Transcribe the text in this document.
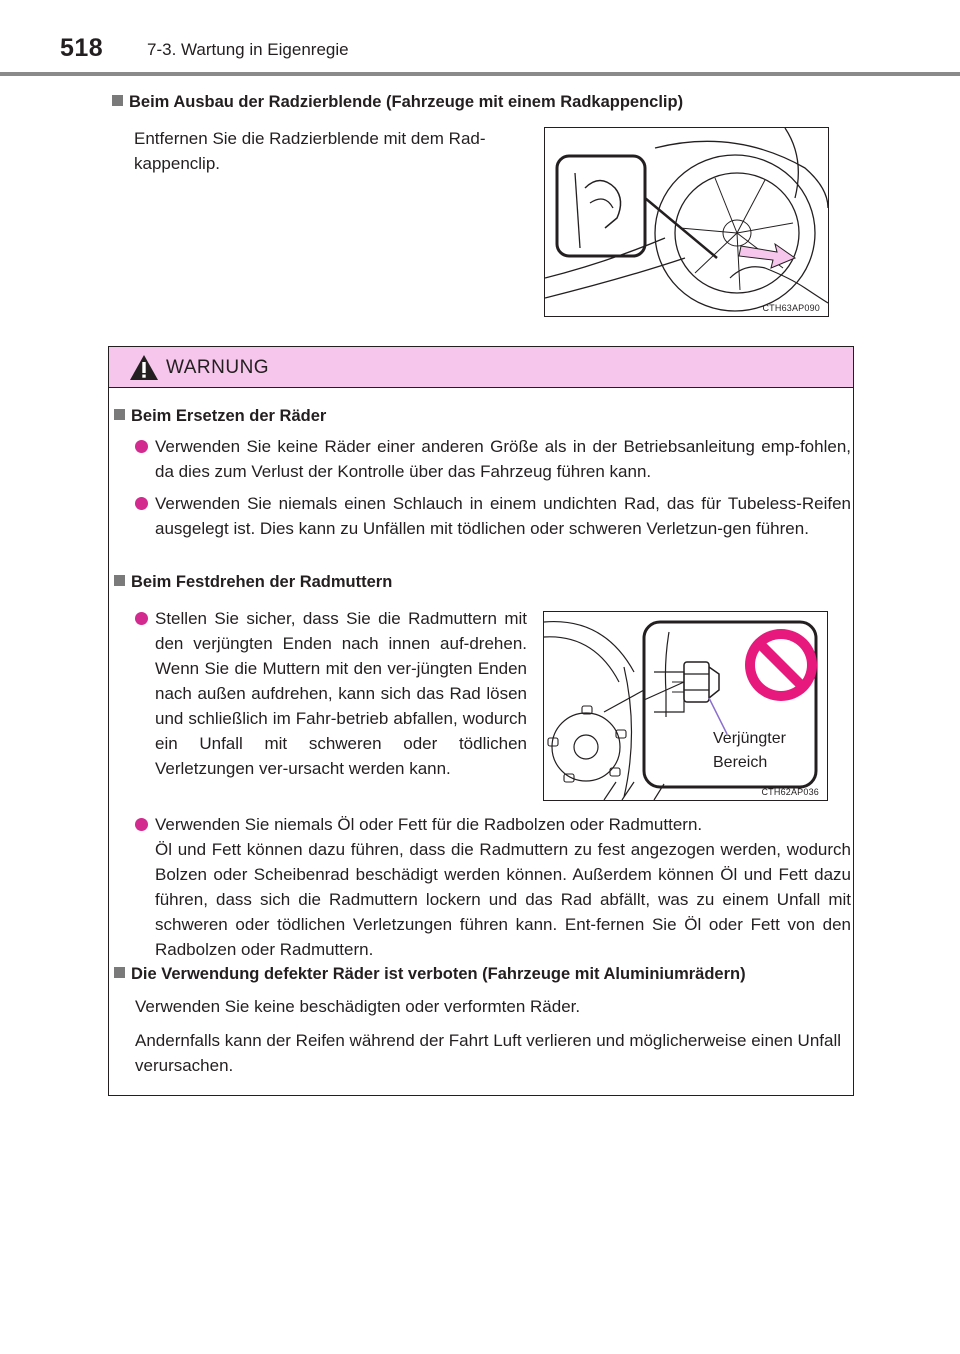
518	7-3. Wartung in Eigenregie
Beim Ausbau der Radzierblende (Fahrzeuge mit einem Radkappenclip)
Entfernen Sie die Radzierblende mit dem Rad-kappenclip.
CTH63AP090
WARNUNG
Beim Ersetzen der Räder
Verwenden Sie keine Räder einer anderen Größe als in der Betriebsanleitung emp-fohlen, da dies zum Verlust der Kontrolle über das Fahrzeug führen kann.
Verwenden Sie niemals einen Schlauch in einem undichten Rad, das für Tubeless-Reifen ausgelegt ist. Dies kann zu Unfällen mit tödlichen oder schweren Verletzun-gen führen.
Beim Festdrehen der Radmuttern
Stellen Sie sicher, dass Sie die Radmuttern mit den verjüngten Enden nach innen auf-drehen. Wenn Sie die Muttern mit den ver-jüngten Enden nach außen aufdrehen, kann sich das Rad lösen und schließlich im Fahr-betrieb abfallen, wodurch ein Unfall mit schweren oder tödlichen Verletzungen ver-ursacht werden kann.
Verjüngter
Bereich
CTH62AP036
Verwenden Sie niemals Öl oder Fett für die Radbolzen oder Radmuttern.
Öl und Fett können dazu führen, dass die Radmuttern zu fest angezogen werden, wodurch Bolzen oder Scheibenrad beschädigt werden können. Außerdem können Öl und Fett dazu führen, dass sich die Radmuttern lockern und das Rad abfällt, was zu einem Unfall mit schweren oder tödlichen Verletzungen führen kann. Ent-fernen Sie Öl oder Fett von den Radbolzen oder Radmuttern.
Die Verwendung defekter Räder ist verboten (Fahrzeuge mit Aluminiumrädern)
Verwenden Sie keine beschädigten oder verformten Räder.
Andernfalls kann der Reifen während der Fahrt Luft verlieren und möglicherweise einen Unfall verursachen.
